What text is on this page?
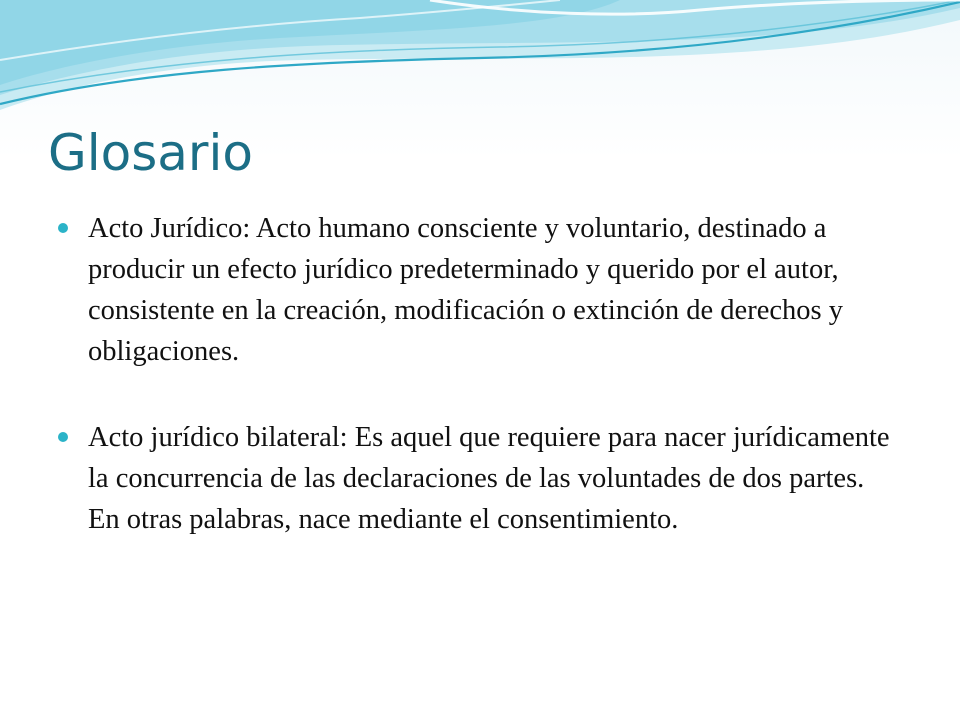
Glosario
Acto Jurídico: Acto humano consciente y voluntario, destinado a producir un efecto jurídico predeterminado y querido por el autor, consistente en la creación, modificación o extinción de derechos y obligaciones.
Acto jurídico bilateral: Es aquel que requiere para nacer jurídicamente la concurrencia de las declaraciones de las voluntades de dos partes. En otras palabras, nace mediante el consentimiento.
